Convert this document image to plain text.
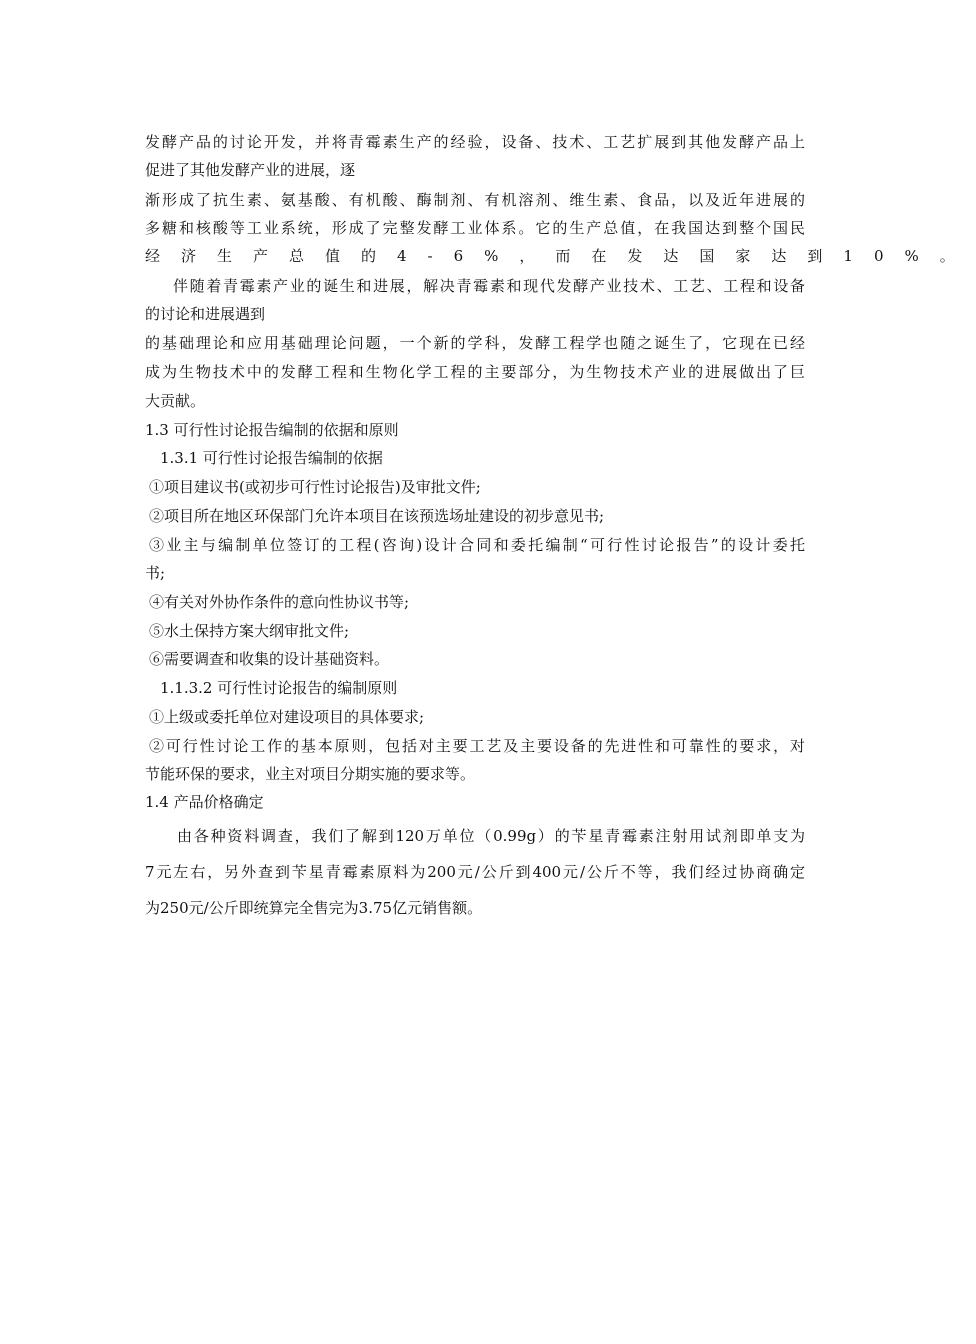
发酵产品的讨论开发，并将青霉素生产的经验，设备、技术、工艺扩展到其他发酵产品上
促进了其他发酵产业的进展，逐
渐形成了抗生素、氨基酸、有机酸、酶制剂、有机溶剂、维生素、食品，以及近年进展的
多糖和核酸等工业系统，形成了完整发酵工业体系。它的生产总值，在我国达到整个国民
经济生产总值的4-6%，而在发达国家达到10%。
伴随着青霉素产业的诞生和进展，解决青霉素和现代发酵产业技术、工艺、工程和设备
的讨论和进展遇到
的基础理论和应用基础理论问题，一个新的学科，发酵工程学也随之诞生了，它现在已经
成为生物技术中的发酵工程和生物化学工程的主要部分，为生物技术产业的进展做出了巨
大贡献。
1.3 可行性讨论报告编制的依据和原则
1.3.1 可行性讨论报告编制的依据
①项目建议书(或初步可行性讨论报告)及审批文件;
②项目所在地区环保部门允许本项目在该预选场址建设的初步意见书;
③业主与编制单位签订的工程(咨询)设计合同和委托编制“可行性讨论报告”的设计委托
书;
④有关对外协作条件的意向性协议书等;
⑤水土保持方案大纲审批文件;
⑥需要调查和收集的设计基础资料。
1.1.3.2 可行性讨论报告的编制原则
①上级或委托单位对建设项目的具体要求;
②可行性讨论工作的基本原则，包括对主要工艺及主要设备的先进性和可靠性的要求，对
节能环保的要求，业主对项目分期实施的要求等。
1.4 产品价格确定
由各种资料调查，我们了解到120万单位（0.99g）的苄星青霉素注射用试剂即单支为
7元左右，另外查到苄星青霉素原料为200元/公斤到400元/公斤不等，我们经过协商确定
为250元/公斤即统算完全售完为3.75亿元销售额。
